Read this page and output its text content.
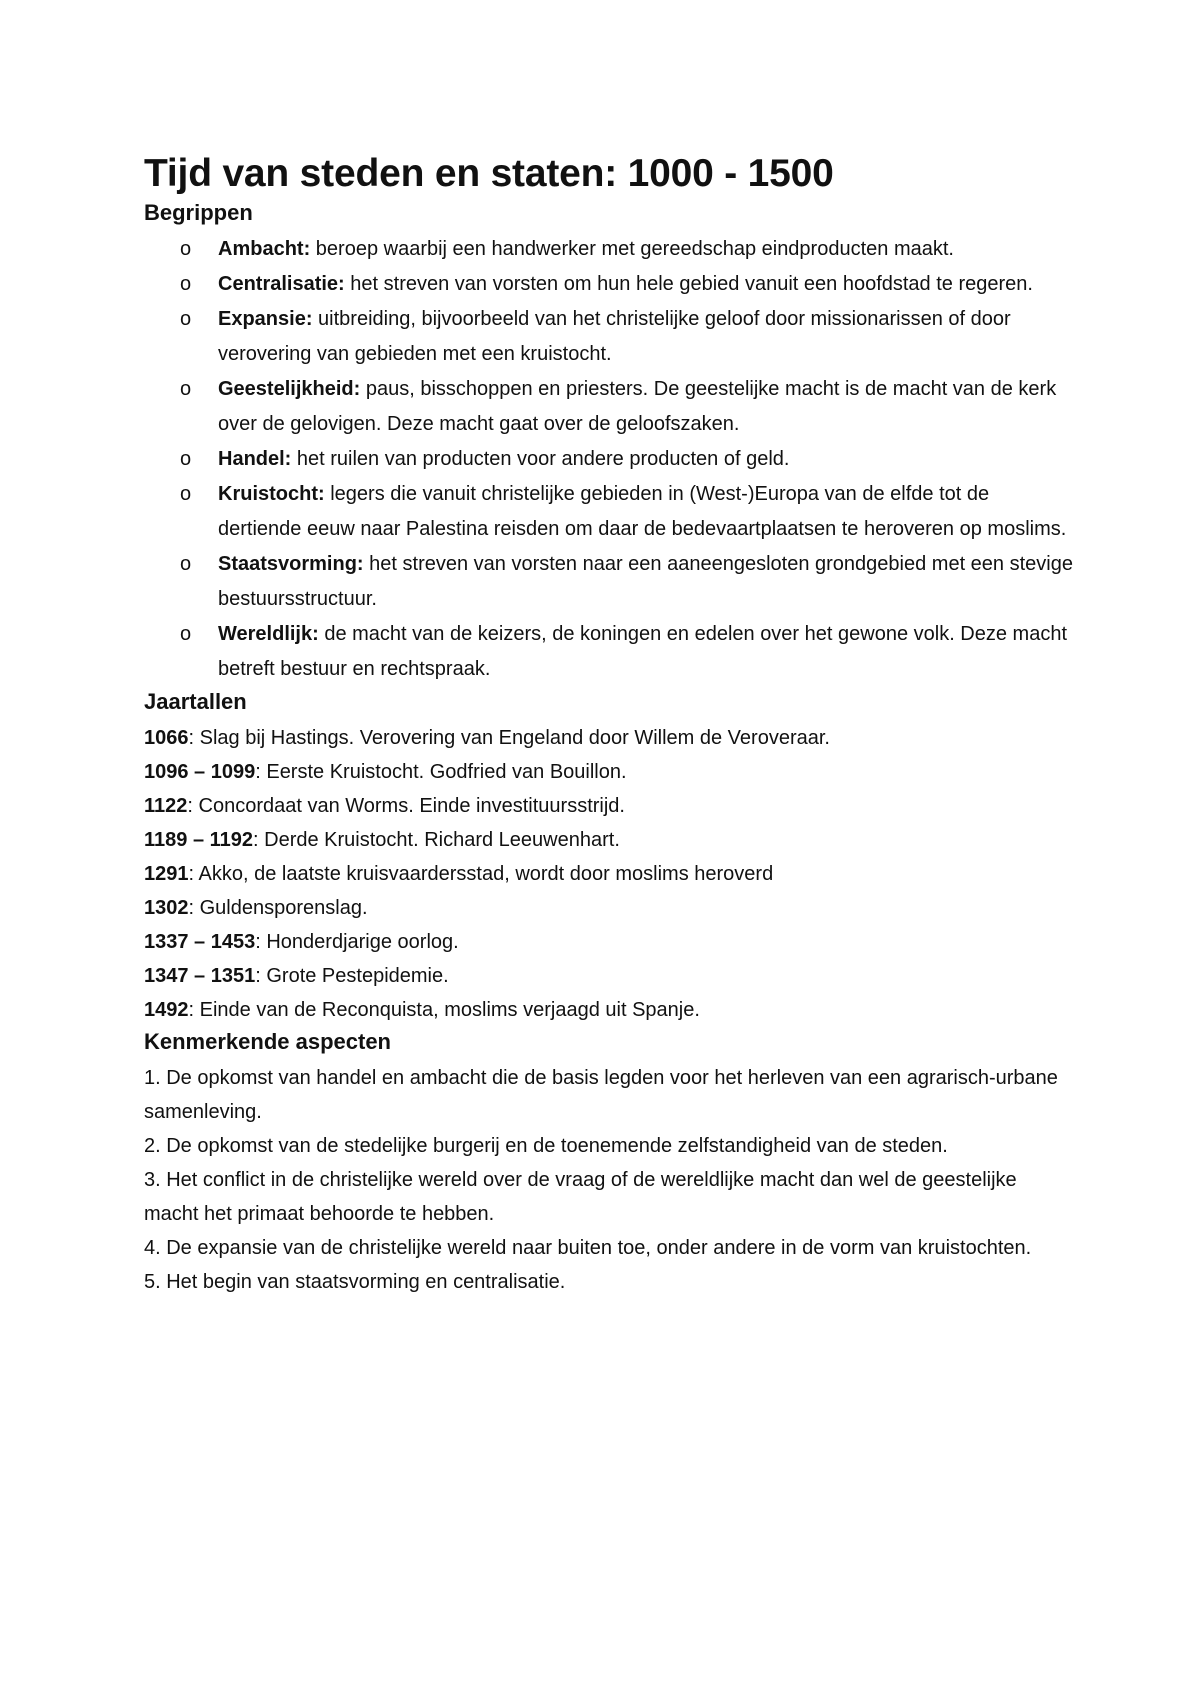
Tijd van steden en staten: 1000 - 1500
Begrippen
o Ambacht: beroep waarbij een handwerker met gereedschap eindproducten maakt.
o Centralisatie: het streven van vorsten om hun hele gebied vanuit een hoofdstad te regeren.
o Expansie: uitbreiding, bijvoorbeeld van het christelijke geloof door missionarissen of door verovering van gebieden met een kruistocht.
o Geestelijkheid: paus, bisschoppen en priesters. De geestelijke macht is de macht van de kerk over de gelovigen. Deze macht gaat over de geloofszaken.
o Handel: het ruilen van producten voor andere producten of geld.
o Kruistocht: legers die vanuit christelijke gebieden in (West-)Europa van de elfde tot de dertiende eeuw naar Palestina reisden om daar de bedevaartplaatsen te heroveren op moslims.
o Staatsvorming: het streven van vorsten naar een aaneengesloten grondgebied met een stevige bestuursstructuur.
o Wereldlijk: de macht van de keizers, de koningen en edelen over het gewone volk. Deze macht betreft bestuur en rechtspraak.
Jaartallen
1066: Slag bij Hastings. Verovering van Engeland door Willem de Veroveraar.
1096 – 1099: Eerste Kruistocht. Godfried van Bouillon.
1122: Concordaat van Worms. Einde investituursstrijd.
1189 – 1192: Derde Kruistocht. Richard Leeuwenhart.
1291: Akko, de laatste kruisvaardersstad, wordt door moslims heroverd
1302: Guldensporenslag.
1337 – 1453: Honderdjarige oorlog.
1347 – 1351: Grote Pestepidemie.
1492: Einde van de Reconquista, moslims verjaagd uit Spanje.
Kenmerkende aspecten
1. De opkomst van handel en ambacht die de basis legden voor het herleven van een agrarisch-urbane samenleving.
2. De opkomst van de stedelijke burgerij en de toenemende zelfstandigheid van de steden.
3. Het conflict in de christelijke wereld over de vraag of de wereldlijke macht dan wel de geestelijke macht het primaat behoorde te hebben.
4. De expansie van de christelijke wereld naar buiten toe, onder andere in de vorm van kruistochten.
5. Het begin van staatsvorming en centralisatie.
